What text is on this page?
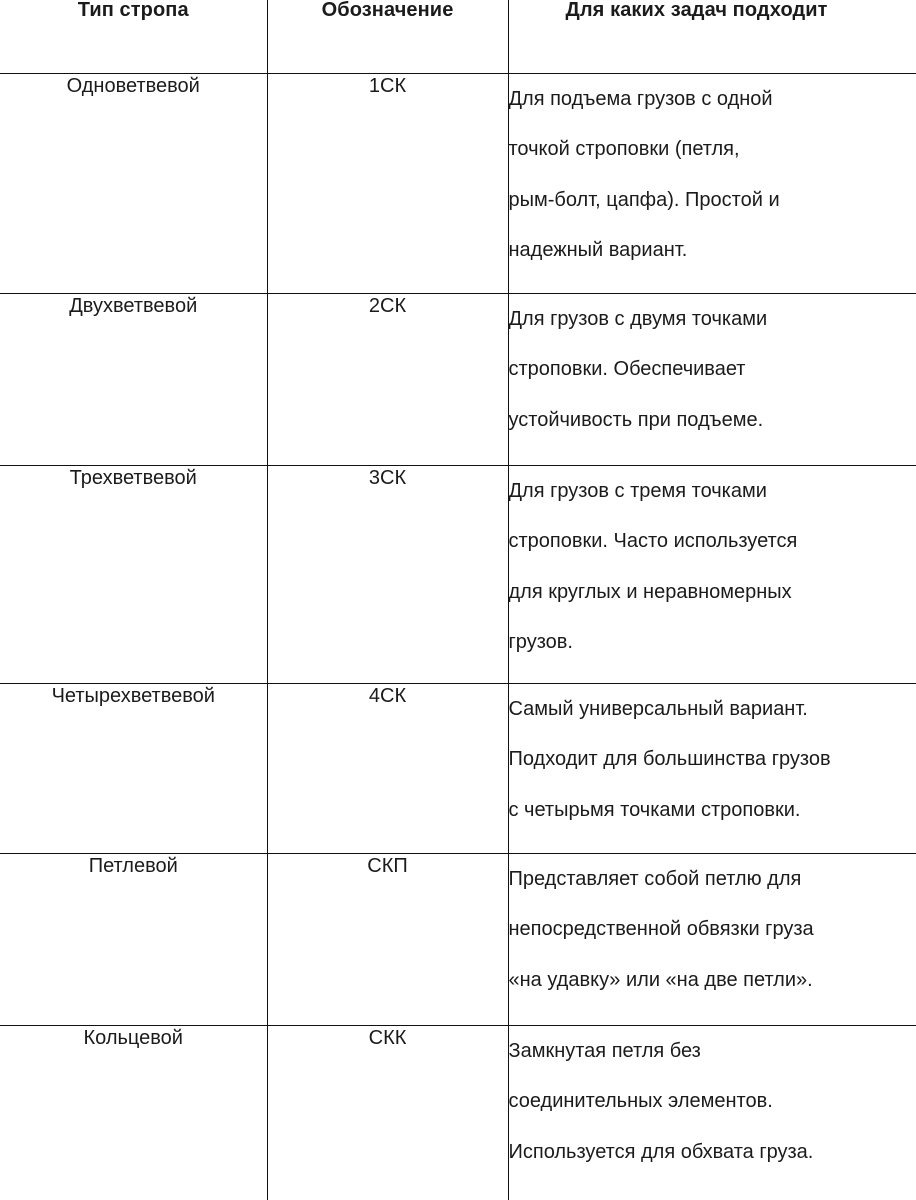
Тип стропа	Обозначение	Для каких задач подходит
Одноветвевой	1СК	Для подъема грузов с одной
точкой строповки (петля,
рым-болт, цапфа). Простой и
надежный вариант.

Двухветвевой	2СК	Для грузов с двумя точками
строповки. Обеспечивает
устойчивость при подъеме.

Трехветвевой	3СК	Для грузов с тремя точками
строповки. Часто используется
для круглых и неравномерных
грузов.

Четырехветвевой	4СК	Самый универсальный вариант.
Подходит для большинства грузов
с четырьмя точками строповки.

Петлевой	СКП	Представляет собой петлю для
непосредственной обвязки груза
«на удавку» или «на две петли».

Кольцевой	СКК	Замкнутая петля без
соединительных элементов.
Используется для обхвата груза.
